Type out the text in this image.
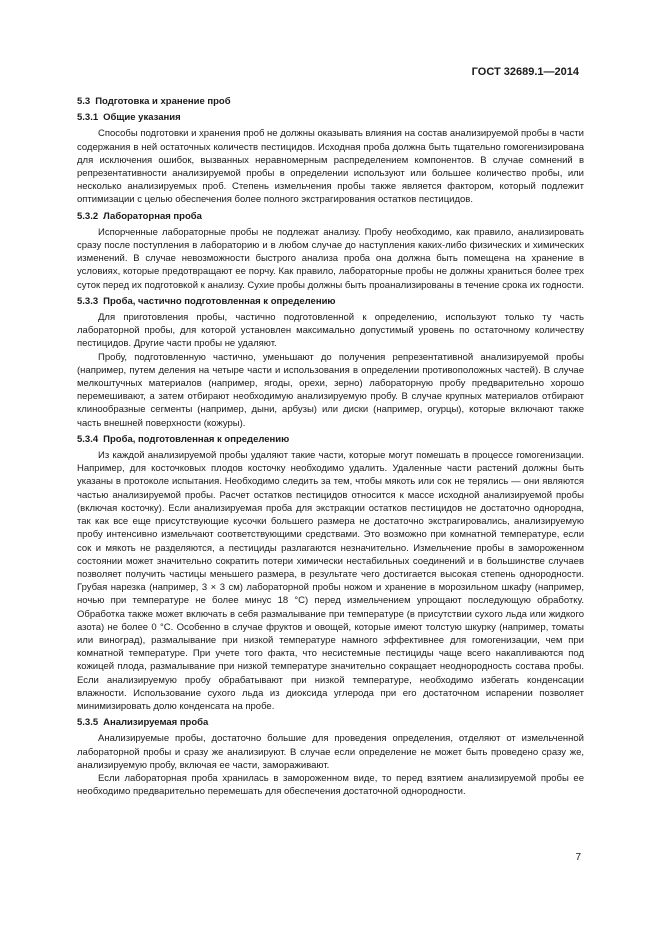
ГОСТ 32689.1—2014
5.3 Подготовка и хранение проб
5.3.1 Общие указания

Способы подготовки и хранения проб не должны оказывать влияния на состав анализируемой пробы в части содержания в ней остаточных количеств пестицидов. Исходная проба должна быть тщательно гомогенизирована для исключения ошибок, вызванных неравномерным распределением компонентов. В случае сомнений в репрезентативности анализируемой пробы в определении используют или большее количество пробы, или несколько анализируемых проб. Степень измельчения пробы также является фактором, который подлежит оптимизации с целью обеспечения более полного экстрагирования остатков пестицидов.

5.3.2 Лабораторная проба

Испорченные лабораторные пробы не подлежат анализу. Пробу необходимо, как правило, анализировать сразу после поступления в лабораторию и в любом случае до наступления каких-либо физических и химических изменений. В случае невозможности быстрого анализа проба она должна быть помещена на хранение в условиях, которые предотвращают ее порчу. Как правило, лабораторные пробы не должны храниться более трех суток перед их подготовкой к анализу. Сухие пробы должны быть проанализированы в течение срока их годности.

5.3.3 Проба, частично подготовленная к определению

Для приготовления пробы, частично подготовленной к определению, используют только ту часть лабораторной пробы, для которой установлен максимально допустимый уровень по остаточному количеству пестицидов. Другие части пробы не удаляют.

Пробу, подготовленную частично, уменьшают до получения репрезентативной анализируемой пробы (например, путем деления на четыре части и использования в определении противоположных частей). В случае мелкоштучных материалов (например, ягоды, орехи, зерно) лабораторную пробу предварительно хорошо перемешивают, а затем отбирают необходимую анализируемую пробу. В случае крупных материалов отбирают клинообразные сегменты (например, дыни, арбузы) или диски (например, огурцы), которые включают также часть внешней поверхности (кожуры).

5.3.4 Проба, подготовленная к определению

Из каждой анализируемой пробы удаляют такие части, которые могут помешать в процессе гомогенизации. Например, для косточковых плодов косточку необходимо удалить. Удаленные части растений должны быть указаны в протоколе испытания. Необходимо следить за тем, чтобы мякоть или сок не терялись — они являются частью анализируемой пробы. Расчет остатков пестицидов относится к массе исходной анализируемой пробы (включая косточку). Если анализируемая проба для экстракции остатков пестицидов не достаточно однородна, так как все еще присутствующие кусочки большего размера не достаточно экстрагировались, анализируемую пробу интенсивно измельчают соответствующими средствами. Это возможно при комнатной температуре, если сок и мякоть не разделяются, а пестициды разлагаются незначительно. Измельчение пробы в замороженном состоянии может значительно сократить потери химически нестабильных соединений и в большинстве случаев позволяет получить частицы меньшего размера, в результате чего достигается высокая степень однородности. Грубая нарезка (например, 3 × 3 см) лабораторной пробы ножом и хранение в морозильном шкафу (например, ночью при температуре не более минус 18 °С) перед измельчением упрощают последующую обработку. Обработка также может включать в себя размалывание при температуре (в присутствии сухого льда или жидкого азота) не более 0 °С. Особенно в случае фруктов и овощей, которые имеют толстую шкурку (например, томаты или виноград), размалывание при низкой температуре намного эффективнее для гомогенизации, чем при комнатной температуре. При учете того факта, что несистемные пестициды чаще всего накапливаются под кожицей плода, размалывание при низкой температуре значительно сокращает неоднородность состава пробы. Если анализируемую пробу обрабатывают при низкой температуре, необходимо избегать конденсации влажности. Использование сухого льда из диоксида углерода при его достаточном испарении позволяет минимизировать долю конденсата на пробе.

5.3.5 Анализируемая проба

Анализируемые пробы, достаточно большие для проведения определения, отделяют от измельченной лабораторной пробы и сразу же анализируют. В случае если определение не может быть проведено сразу же, анализируемую пробу, включая ее части, замораживают.

Если лабораторная проба хранилась в замороженном виде, то перед взятием анализируемой пробы ее необходимо предварительно перемешать для обеспечения достаточной однородности.

7
